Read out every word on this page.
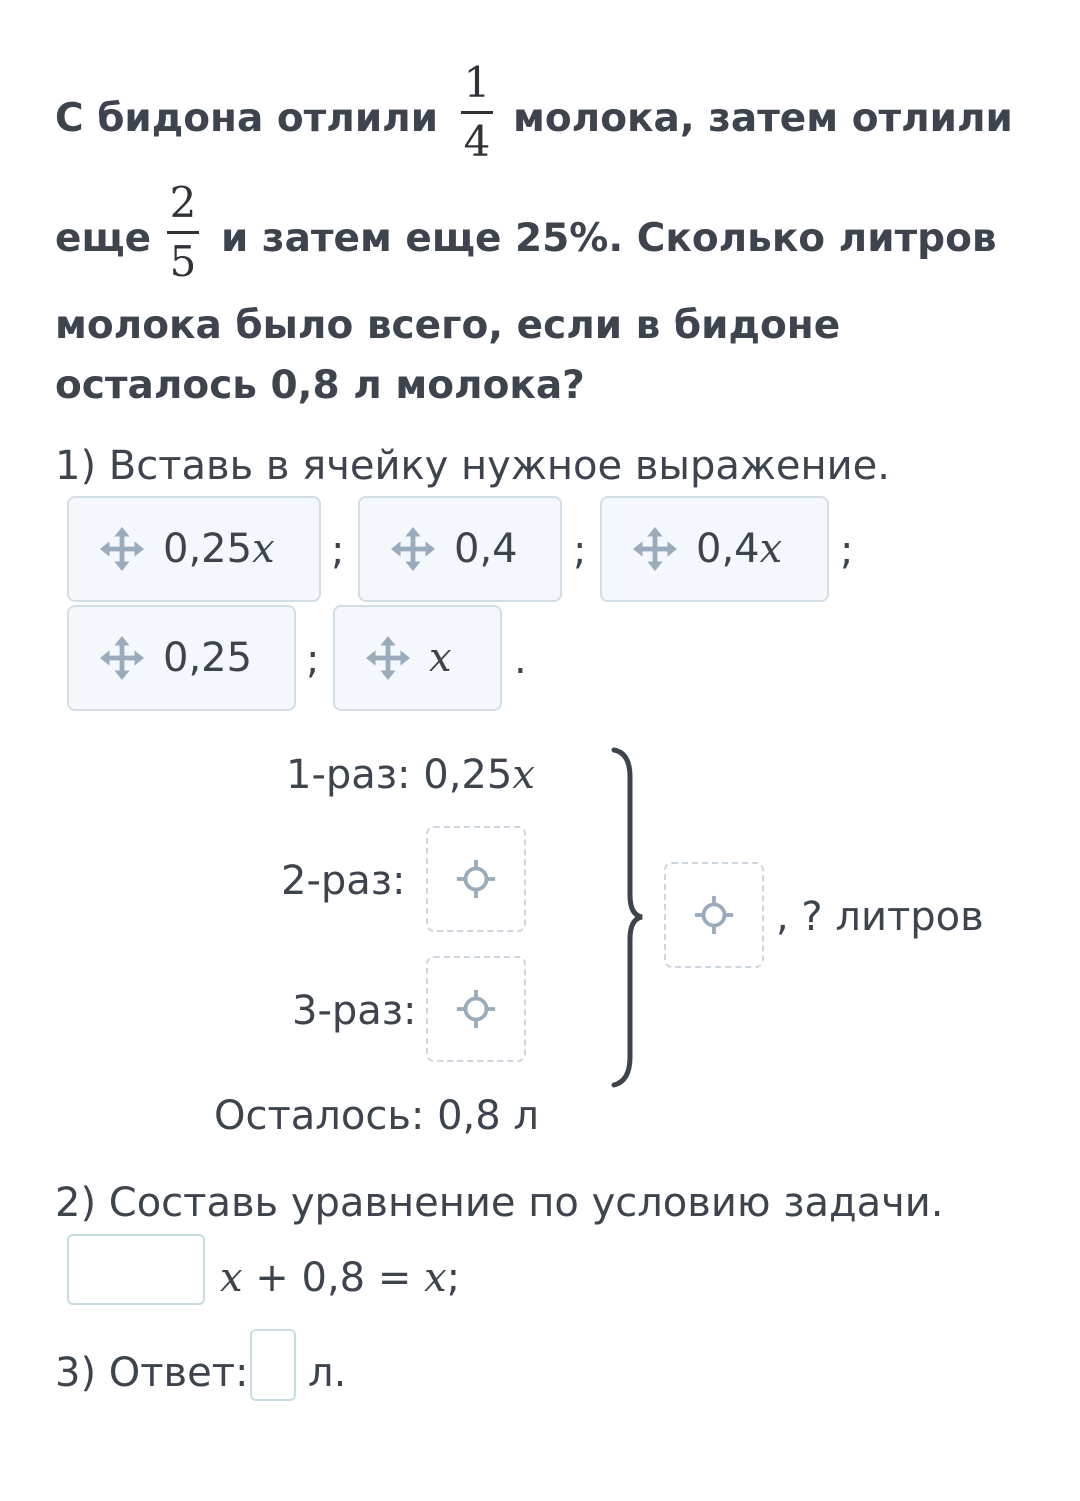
С бидона отлили
1
4 молока, затем отлили
еще
2
5 и затем еще 25%. Сколько литров
молока было всего, если в бидоне
осталось 0,8 л молока?
1) Вставь в ячейку нужное выражение.
0,25x ;	0,4 ;	0,4x ;
0,25 ;	x .
1-раз: 0,25x
2-раз:
3-раз:
, ? литров
Осталось: 0,8 л
2) Составь уравнение по условию задачи.
x + 0,8 = x;
3) Ответ: л.
